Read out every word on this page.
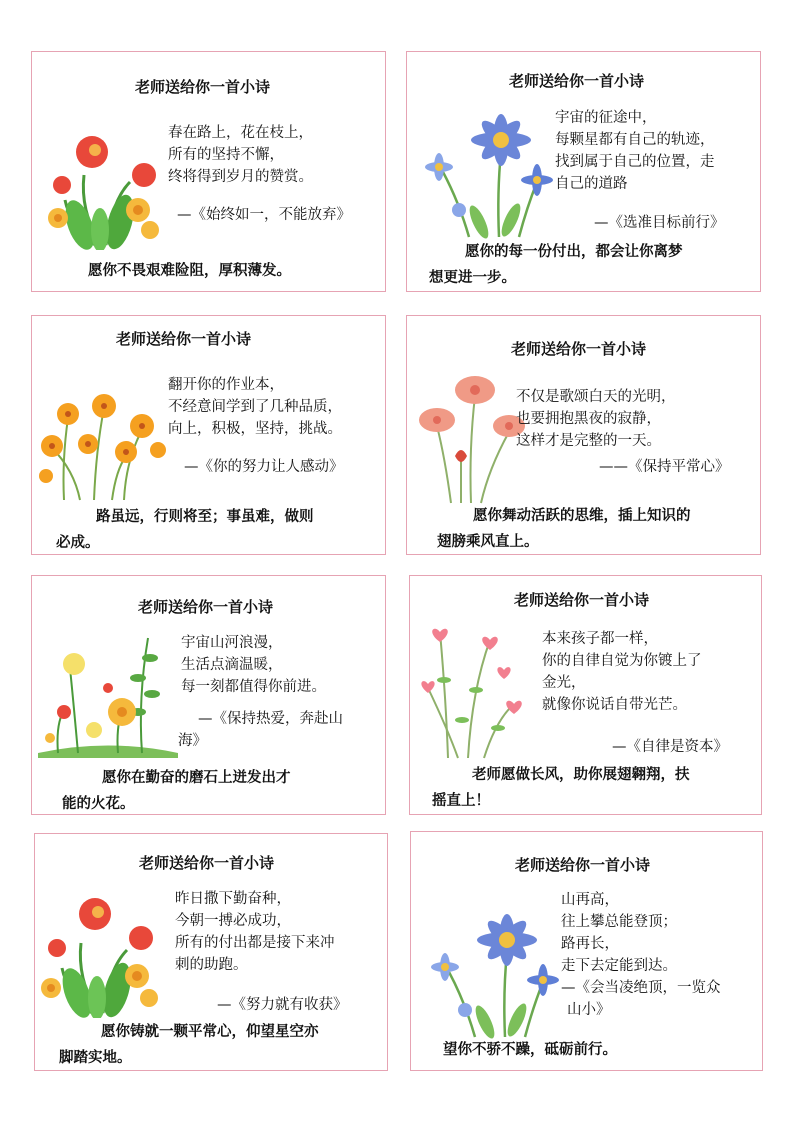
老师送给你一首小诗
春在路上，花在枝上，
所有的坚持不懈，
终将得到岁月的赞赏。
—《始终如一，不能放弃》
愿你不畏艰难险阻，厚积薄发。
老师送给你一首小诗
宇宙的征途中，
每颗星都有自己的轨迹，
找到属于自己的位置，走
自己的道路
—《选准目标前行》
愿你的每一份付出，都会让你离梦
想更进一步。
老师送给你一首小诗
翻开你的作业本，
不经意间学到了几种品质，
向上，积极，坚持，挑战。
—《你的努力让人感动》
路虽远，行则将至；事虽难，做则
必成。
老师送给你一首小诗
不仅是歌颂白天的光明，
也要拥抱黑夜的寂静，
这样才是完整的一天。
——《保持平常心》
愿你舞动活跃的思维，插上知识的
翅膀乘风直上。
老师送给你一首小诗
宇宙山河浪漫，
生活点滴温暖，
每一刻都值得你前进。
—《保持热爱，奔赴山
海》
愿你在勤奋的磨石上迸发出才
能的火花。
老师送给你一首小诗
本来孩子都一样，
你的自律自觉为你镀上了
金光，
就像你说话自带光芒。
—《自律是资本》
老师愿做长风，助你展翅翱翔，扶
摇直上！
老师送给你一首小诗
昨日撒下勤奋种，
今朝一搏必成功，
所有的付出都是接下来冲
刺的助跑。
—《努力就有收获》
愿你铸就一颗平常心，仰望星空亦
脚踏实地。
老师送给你一首小诗
山再高，
往上攀总能登顶；
路再长，
走下去定能到达。
—《会当凌绝顶，一览众
山小》
望你不骄不躁，砥砺前行。
